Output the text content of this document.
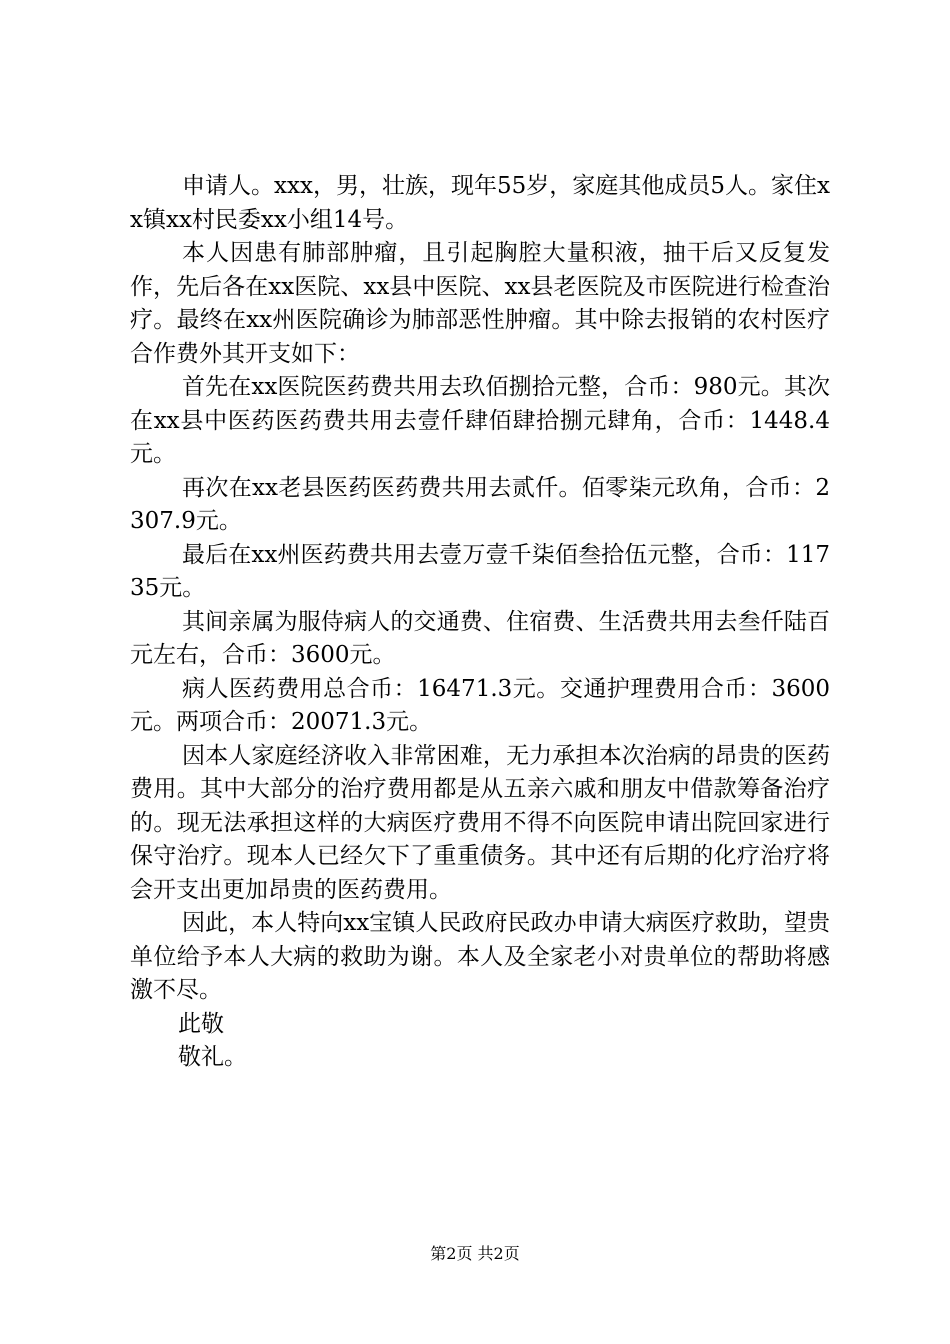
申请人。xxx，男，壮族，现年55岁，家庭其他成员5人。家住xx镇xx村民委xx小组14号。

本人因患有肺部肿瘤，且引起胸腔大量积液，抽干后又反复发作，先后各在xx医院、xx县中医院、xx县老医院及市医院进行检查治疗。最终在xx州医院确诊为肺部恶性肿瘤。其中除去报销的农村医疗合作费外其开支如下：

首先在xx医院医药费共用去玖佰捌拾元整，合币：980元。其次在xx县中医药医药费共用去壹仟肆佰肆拾捌元肆角，合币：1448.4元。

再次在xx老县医药医药费共用去贰仟。佰零柒元玖角，合币：2307.9元。

最后在xx州医药费共用去壹万壹千柒佰叁拾伍元整，合币：11735元。

其间亲属为服侍病人的交通费、住宿费、生活费共用去叁仟陆百元左右，合币：3600元。

病人医药费用总合币：16471.3元。交通护理费用合币：3600元。两项合币：20071.3元。

因本人家庭经济收入非常困难，无力承担本次治病的昂贵的医药费用。其中大部分的治疗费用都是从五亲六戚和朋友中借款筹备治疗的。现无法承担这样的大病医疗费用不得不向医院申请出院回家进行保守治疗。现本人已经欠下了重重债务。其中还有后期的化疗治疗将会开支出更加昂贵的医药费用。

因此，本人特向xx宝镇人民政府民政办申请大病医疗救助，望贵单位给予本人大病的救助为谢。本人及全家老小对贵单位的帮助将感激不尽。

此敬

敬礼。

第2页 共2页
